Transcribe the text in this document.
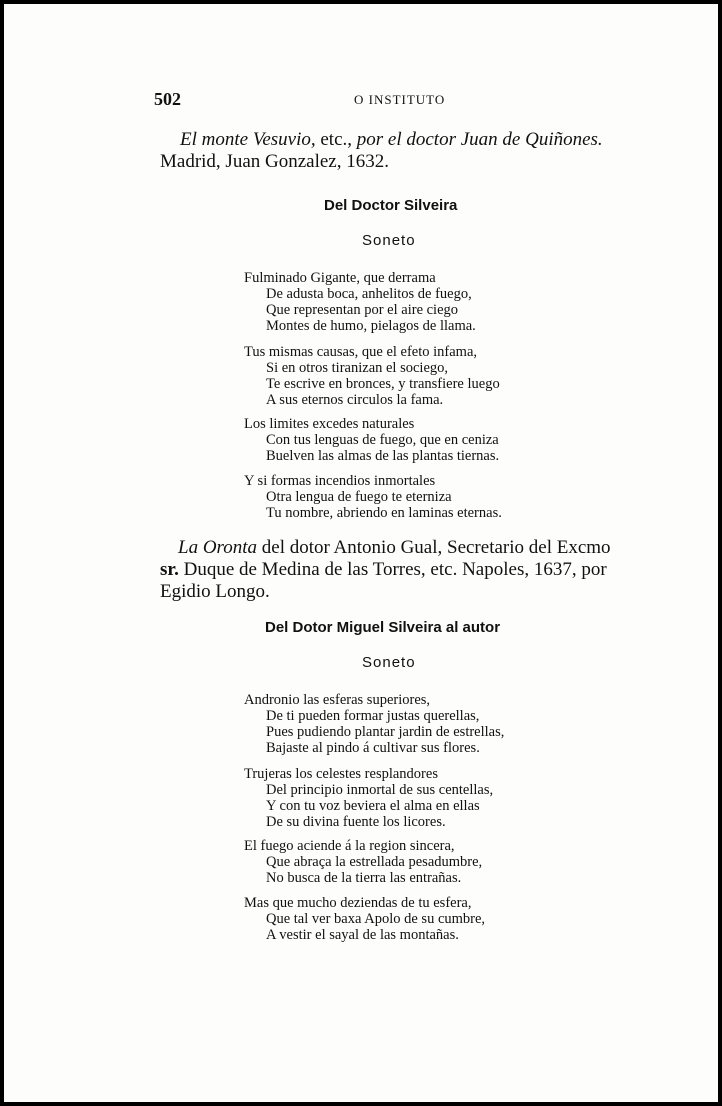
502	O INSTITUTO
El monte Vesuvio, etc., por el doctor Juan de Quiñones.
Madrid, Juan Gonzalez, 1632.
Del Doctor Silveira
Soneto
Fulminado Gigante, que derrama
De adusta boca, anhelitos de fuego,
Que representan por el aire ciego
Montes de humo, pielagos de llama.
Tus mismas causas, que el efeto infama,
Si en otros tiranizan el sociego,
Te escrive en bronces, y transfiere luego
A sus eternos circulos la fama.
Los limites excedes naturales
Con tus lenguas de fuego, que en ceniza
Buelven las almas de las plantas tiernas.
Y si formas incendios inmortales
Otra lengua de fuego te eterniza
Tu nombre, abriendo en laminas eternas.
La Oronta del dotor Antonio Gual, Secretario del Excmo
sr. Duque de Medina de las Torres, etc. Napoles, 1637, por
Egidio Longo.
Del Dotor Miguel Silveira al autor
Soneto
Andronio las esferas superiores,
De ti pueden formar justas querellas,
Pues pudiendo plantar jardin de estrellas,
Bajaste al pindo á cultivar sus flores.
Trujeras los celestes resplandores
Del principio inmortal de sus centellas,
Y con tu voz beviera el alma en ellas
De su divina fuente los licores.
El fuego aciende á la region sincera,
Que abraça la estrellada pesadumbre,
No busca de la tierra las entrañas.
Mas que mucho deziendas de tu esfera,
Que tal ver baxa Apolo de su cumbre,
A vestir el sayal de las montañas.
